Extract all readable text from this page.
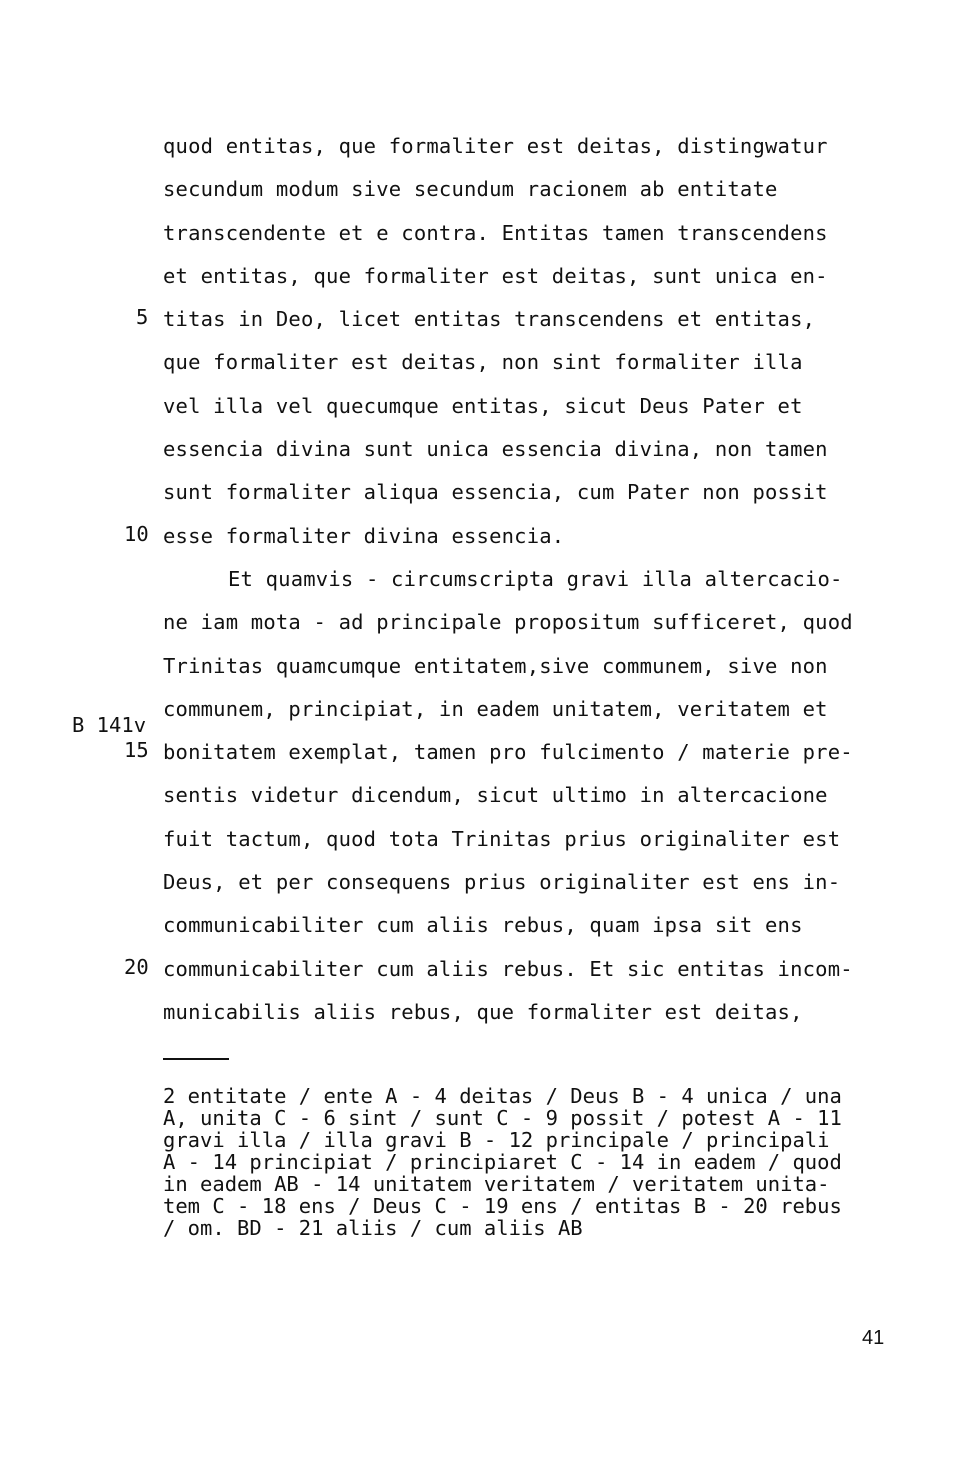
quod entitas, que formaliter est deitas, distingwatur
secundum modum sive secundum racionem ab entitate
transcendente et e contra. Entitas tamen transcendens
et entitas, que formaliter est deitas, sunt unica en-
titas in Deo, licet entitas transcendens et entitas,
que formaliter est deitas, non sint formaliter illa
vel illa vel quecumque entitas, sicut Deus Pater et
essencia divina sunt unica essencia divina, non tamen
sunt formaliter aliqua essencia, cum Pater non possit
esse formaliter divina essencia.
Et quamvis - circumscripta gravi illa altercacio-
ne iam mota - ad principale propositum sufficeret, quod
Trinitas quamcumque entitatem,sive communem, sive non
communem, principiat, in eadem unitatem, veritatem et
bonitatem exemplat, tamen pro fulcimento / materie pre-
sentis videtur dicendum, sicut ultimo in altercacione
fuit tactum, quod tota Trinitas prius originaliter est
Deus, et per consequens prius originaliter est ens in-
communicabiliter cum aliis rebus, quam ipsa sit ens
communicabiliter cum aliis rebus. Et sic entitas incom-
municabilis aliis rebus, que formaliter est deitas,
5
10
B 141v
15
20
2 entitate / ente A - 4 deitas / Deus B - 4 unica / una
A, unita C - 6 sint / sunt C - 9 possit / potest A - 11
gravi illa / illa gravi B - 12 principale / principali
A - 14 principiat / principiaret C - 14 in eadem / quod
in eadem AB - 14 unitatem veritatem / veritatem unita-
tem C - 18 ens / Deus C - 19 ens / entitas B - 20 rebus
/ om. BD - 21 aliis / cum aliis AB
41
